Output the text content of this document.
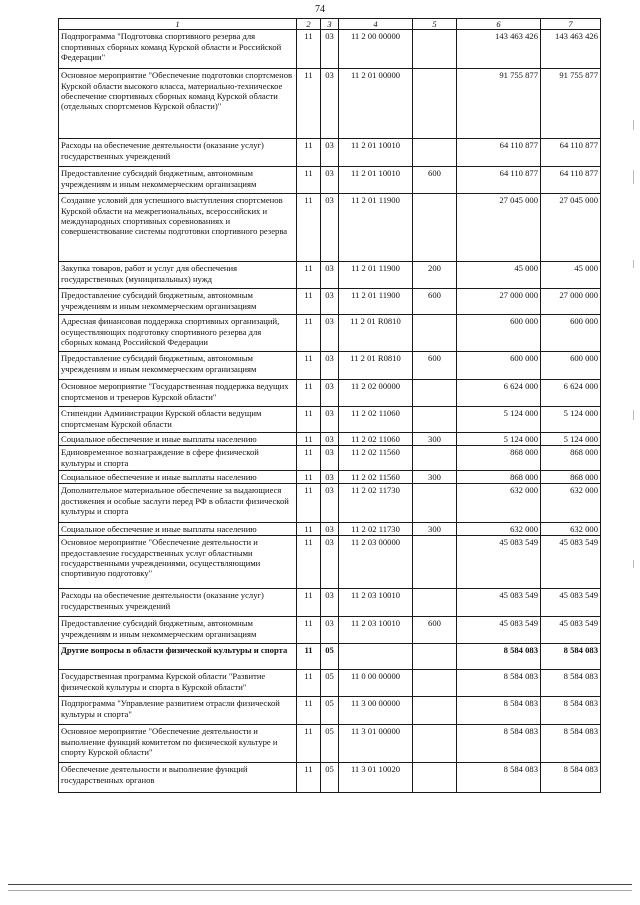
74
1	2	3	4	5	6	7
Подпрограмма "Подготовка спортивного резерва для спортивных сборных команд Курской области и Российской Федерации"	11	03	11 2 00 00000		143 463 426	143 463 426
Основное мероприятие "Обеспечение подготовки спортсменов Курской области высокого класса, материально-техническое обеспечение спортивных сборных команд Курской области (отдельных спортсменов Курской области)"	11	03	11 2 01 00000		91 755 877	91 755 877
Расходы на обеспечение деятельности (оказание услуг) государственных учреждений	11	03	11 2 01 10010		64 110 877	64 110 877
Предоставление субсидий бюджетным, автономным учреждениям и иным некоммерческим организациям	11	03	11 2 01 10010	600	64 110 877	64 110 877
Создание условий для успешного выступления спортсменов Курской области на межрегиональных, всероссийских и международных спортивных соревнованиях и совершенствование системы подготовки спортивного резерва	11	03	11 2 01 11900		27 045 000	27 045 000
Закупка товаров, работ и услуг для обеспечения государственных (муниципальных) нужд	11	03	11 2 01 11900	200	45 000	45 000
Предоставление субсидий бюджетным, автономным учреждениям и иным некоммерческим организациям	11	03	11 2 01 11900	600	27 000 000	27 000 000
Адресная финансовая поддержка спортивных организаций, осуществляющих подготовку спортивного резерва для сборных команд Российской Федерации	11	03	11 2 01 R0810		600 000	600 000
Предоставление субсидий бюджетным, автономным учреждениям и иным некоммерческим организациям	11	03	11 2 01 R0810	600	600 000	600 000
Основное мероприятие "Государственная поддержка ведущих спортсменов и тренеров Курской области"	11	03	11 2 02 00000		6 624 000	6 624 000
Стипендии Администрации Курской области ведущим спортсменам Курской области	11	03	11 2 02 11060		5 124 000	5 124 000
Социальное обеспечение и иные выплаты населению	11	03	11 2 02 11060	300	5 124 000	5 124 000
Единовременное вознаграждение в сфере физической культуры и спорта	11	03	11 2 02 11560		868 000	868 000
Социальное обеспечение и иные выплаты населению	11	03	11 2 02 11560	300	868 000	868 000
Дополнительное материальное обеспечение за выдающиеся достижения и особые заслуги перед РФ в области физической культуры и спорта	11	03	11 2 02 11730		632 000	632 000
Социальное обеспечение и иные выплаты населению	11	03	11 2 02 11730	300	632 000	632 000
Основное мероприятие "Обеспечение деятельности и предоставление государственных услуг областными государственными учреждениями, осуществляющими спортивную подготовку"	11	03	11 2 03 00000		45 083 549	45 083 549
Расходы на обеспечение деятельности (оказание услуг) государственных учреждений	11	03	11 2 03 10010		45 083 549	45 083 549
Предоставление субсидий бюджетным, автономным учреждениям и иным некоммерческим организациям	11	03	11 2 03 10010	600	45 083 549	45 083 549
Другие вопросы в области физической культуры и спорта	11	05			8 584 083	8 584 083
Государственная программа Курской области "Развитие физической культуры и спорта в Курской области"	11	05	11 0 00 00000		8 584 083	8 584 083
Подпрограмма "Управление развитием отрасли физической культуры и спорта"	11	05	11 3 00 00000		8 584 083	8 584 083
Основное мероприятие "Обеспечение деятельности и выполнение функций комитетом по физической культуре и спорту Курской области"	11	05	11 3 01 00000		8 584 083	8 584 083
Обеспечение деятельности и выполнение функций государственных органов	11	05	11 3 01 10020		8 584 083	8 584 083
